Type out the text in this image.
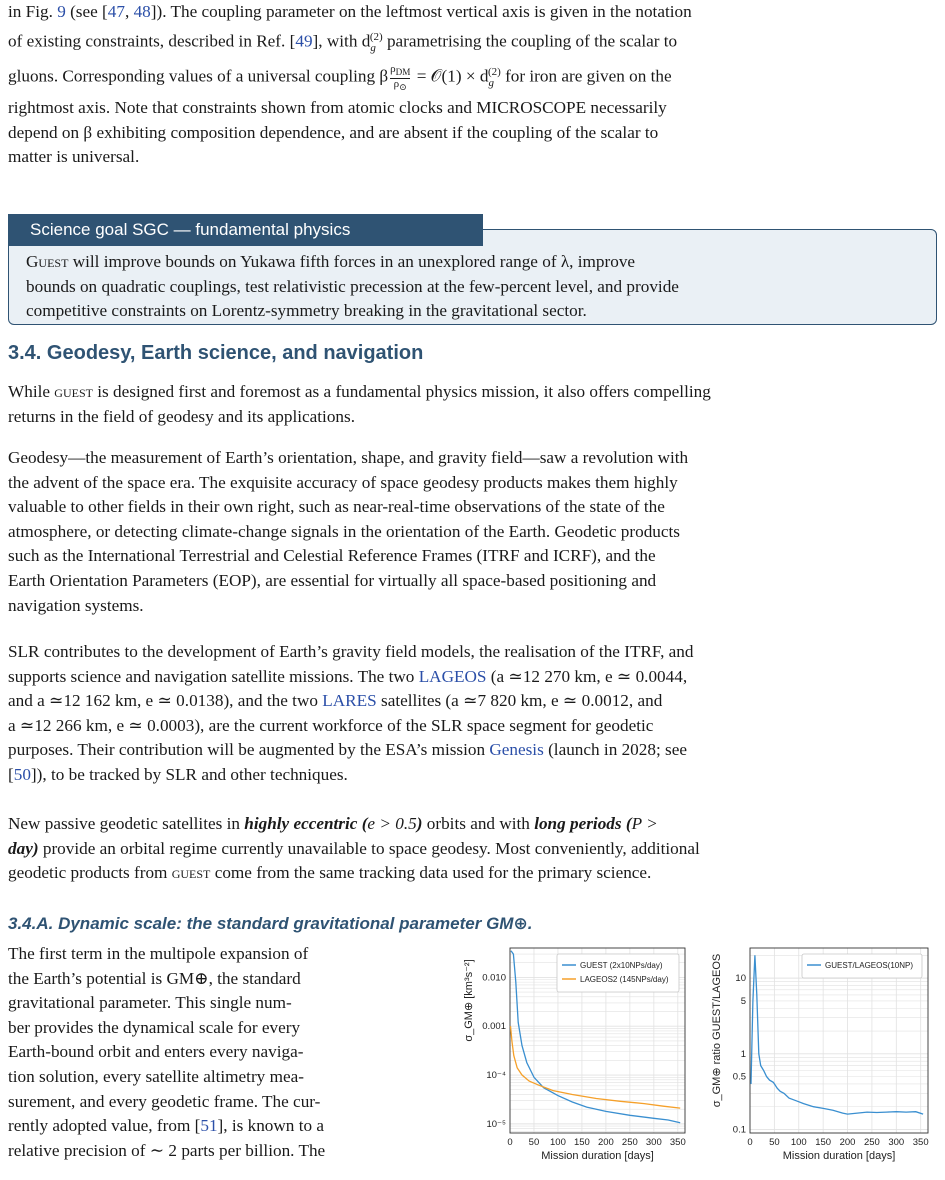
in Fig. 9 (see [47, 48]). The coupling parameter on the leftmost vertical axis is given in the notation
of existing constraints, described in Ref. [49], with $d_g^{(2)}$ parametrising the coupling of the scalar to
gluons. Corresponding values of a universal coupling β $\rho_{DM}$
$\rho_⊙$
= 𝒪(1) × $d_g^{(2)}$ for iron are given on the
rightmost axis. Note that constraints shown from atomic clocks and MICROSCOPE necessarily
depend on β exhibiting composition dependence, and are absent if the coupling of the scalar to
matter is universal.

Science goal SGC — fundamental physics

Guest will improve bounds on Yukawa fifth forces in an unexplored range of λ, improve
bounds on quadratic couplings, test relativistic precession at the few-percent level, and provide
competitive constraints on Lorentz-symmetry breaking in the gravitational sector.

3.4. Geodesy, Earth science, and navigation

While guest is designed first and foremost as a fundamental physics mission, it also offers compelling
returns in the field of geodesy and its applications.

Geodesy—the measurement of Earth’s orientation, shape, and gravity field—saw a revolution with
the advent of the space era. The exquisite accuracy of space geodesy products makes them highly
valuable to other fields in their own right, such as near-real-time observations of the state of the
atmosphere, or detecting climate-change signals in the orientation of the Earth. Geodetic products
such as the International Terrestrial and Celestial Reference Frames (ITRF and ICRF), and the
Earth Orientation Parameters (EOP), are essential for virtually all space-based positioning and
navigation systems.

SLR contributes to the development of Earth’s gravity field models, the realisation of the ITRF, and
supports science and navigation satellite missions. The two LAGEOS (a ≃12 270 km, e ≃ 0.0044,
and a ≃12 162 km, e ≃ 0.0138), and the two LARES satellites (a ≃7 820 km, e ≃ 0.0012, and
a ≃12 266 km, e ≃ 0.0003), are the current workforce of the SLR space segment for geodetic
purposes. Their contribution will be augmented by the ESA’s mission Genesis (launch in 2028; see
[50]), to be tracked by SLR and other techniques.

New passive geodetic satellites in highly eccentric (e > 0.5) orbits and with long periods (P >
day) provide an orbital regime currently unavailable to space geodesy. Most conveniently, additional
geodetic products from guest come from the same tracking data used for the primary science.

3.4.A. Dynamic scale: the standard gravitational parameter GM⊕.

The first term in the multipole expansion of
the Earth’s potential is GM⊕, the standard
gravitational parameter. This single num-
ber provides the dynamical scale for every
Earth-bound orbit and enters every naviga-
tion solution, every satellite altimetry mea-
surement, and every geodetic frame. The cur-
rently adopted value, from [51], is known to a
relative precision of ∼ 2 parts per billion. The	0 50 100 150 200 250 300 350
0.010
0.001
10⁻⁴
10⁻⁵
Mission duration [days]
σ_GM⊕ [km³s⁻²]	GUEST (2x10NPs/day)
LAGEOS2 (145NPs/day)
0 50 100 150 200 250 300 350
10
5
1
0.5
0.1
Mission duration [days]
σ_GM⊕ ratio GUEST/LAGEOS	GUEST/LAGEOS(10NP)
